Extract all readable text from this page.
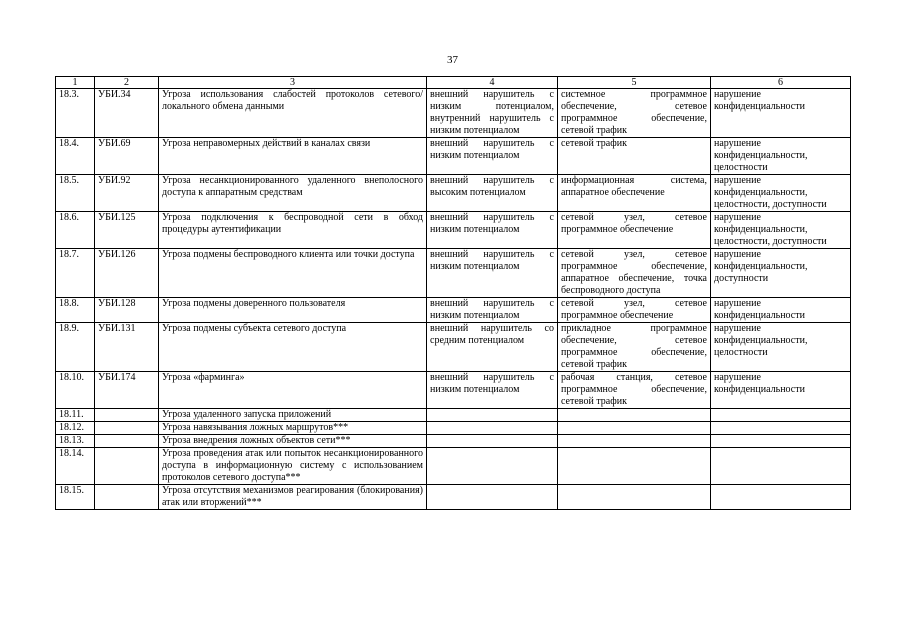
37
1	2	3	4	5	6
18.3.	УБИ.34	Угроза использования слабостей протоколов сетевого/локального обмена данными	внешний нарушитель с низким потенциалом, внутренний нарушитель с низким потенциалом	системное программное обеспечение, сетевое программное обеспечение, сетевой трафик	нарушение конфиденциальности
18.4.	УБИ.69	Угроза неправомерных действий в каналах связи	внешний нарушитель с низким потенциалом	сетевой трафик	нарушение конфиденциальности, целостности
18.5.	УБИ.92	Угроза несанкционированного удаленного внеполосного доступа к аппаратным средствам	внешний нарушитель с высоким потенциалом	информационная система, аппаратное обеспечение	нарушение конфиденциальности, целостности, доступности
18.6.	УБИ.125	Угроза подключения к беспроводной сети в обход процедуры аутентификации	внешний нарушитель с низким потенциалом	сетевой узел, сетевое программное обеспечение	нарушение конфиденциальности, целостности, доступности
18.7.	УБИ.126	Угроза подмены беспроводного клиента или точки доступа	внешний нарушитель с низким потенциалом	сетевой узел, сетевое программное обеспечение, аппаратное обеспечение, точка беспроводного доступа	нарушение конфиденциальности, доступности
18.8.	УБИ.128	Угроза подмены доверенного пользователя	внешний нарушитель с низким потенциалом	сетевой узел, сетевое программное обеспечение	нарушение конфиденциальности
18.9.	УБИ.131	Угроза подмены субъекта сетевого доступа	внешний нарушитель со средним потенциалом	прикладное программное обеспечение, сетевое программное обеспечение, сетевой трафик	нарушение конфиденциальности, целостности
18.10.	УБИ.174	Угроза «фарминга»	внешний нарушитель с низким потенциалом	рабочая станция, сетевое программное обеспечение, сетевой трафик	нарушение конфиденциальности
18.11.		Угроза удаленного запуска приложений			
18.12.		Угроза навязывания ложных маршрутов***			
18.13.		Угроза внедрения ложных объектов сети***			
18.14.		Угроза проведения атак или попыток несанкционированного доступа в информационную систему с использованием протоколов сетевого доступа***			
18.15.		Угроза отсутствия механизмов реагирования (блокирования) атак или вторжений***			
